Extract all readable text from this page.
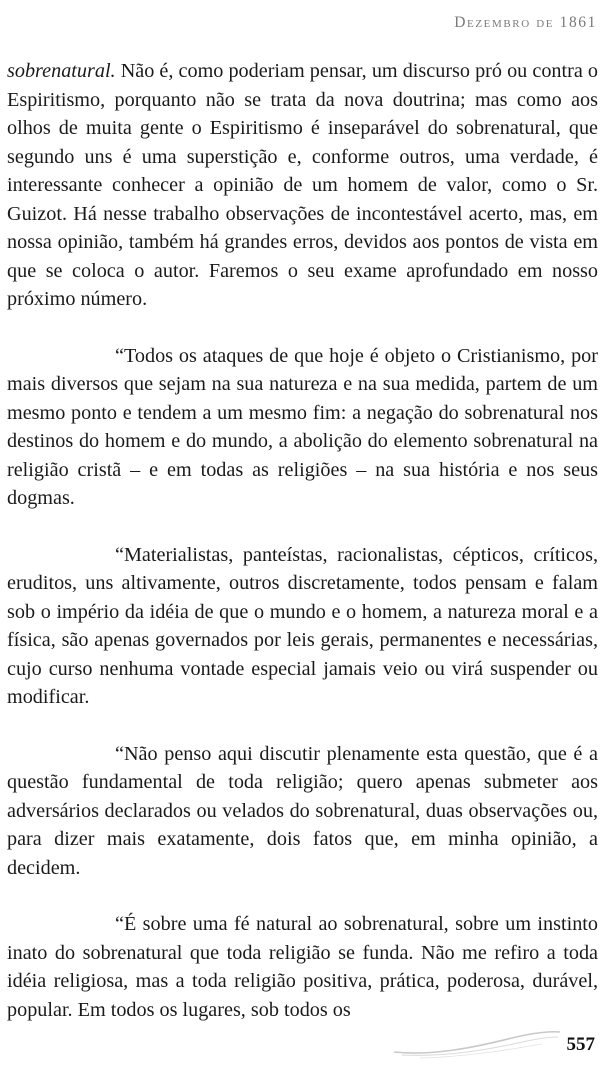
Dezembro de 1861

sobrenatural. Não é, como poderiam pensar, um discurso pró ou contra o Espiritismo, porquanto não se trata da nova doutrina; mas como aos olhos de muita gente o Espiritismo é inseparável do sobrenatural, que segundo uns é uma superstição e, conforme outros, uma verdade, é interessante conhecer a opinião de um homem de valor, como o Sr. Guizot. Há nesse trabalho observações de incontestável acerto, mas, em nossa opinião, também há grandes erros, devidos aos pontos de vista em que se coloca o autor. Faremos o seu exame aprofundado em nosso próximo número.

“Todos os ataques de que hoje é objeto o Cristianismo, por mais diversos que sejam na sua natureza e na sua medida, partem de um mesmo ponto e tendem a um mesmo fim: a negação do sobrenatural nos destinos do homem e do mundo, a abolição do elemento sobrenatural na religião cristã – e em todas as religiões – na sua história e nos seus dogmas.

“Materialistas, panteístas, racionalistas, cépticos, críticos, eruditos, uns altivamente, outros discretamente, todos pensam e falam sob o império da idéia de que o mundo e o homem, a natureza moral e a física, são apenas governados por leis gerais, permanentes e necessárias, cujo curso nenhuma vontade especial jamais veio ou virá suspender ou modificar.

“Não penso aqui discutir plenamente esta questão, que é a questão fundamental de toda religião; quero apenas submeter aos adversários declarados ou velados do sobrenatural, duas observações ou, para dizer mais exatamente, dois fatos que, em minha opinião, a decidem.

“É sobre uma fé natural ao sobrenatural, sobre um instinto inato do sobrenatural que toda religião se funda. Não me refiro a toda idéia religiosa, mas a toda religião positiva, prática, poderosa, durável, popular. Em todos os lugares, sob todos os

557
